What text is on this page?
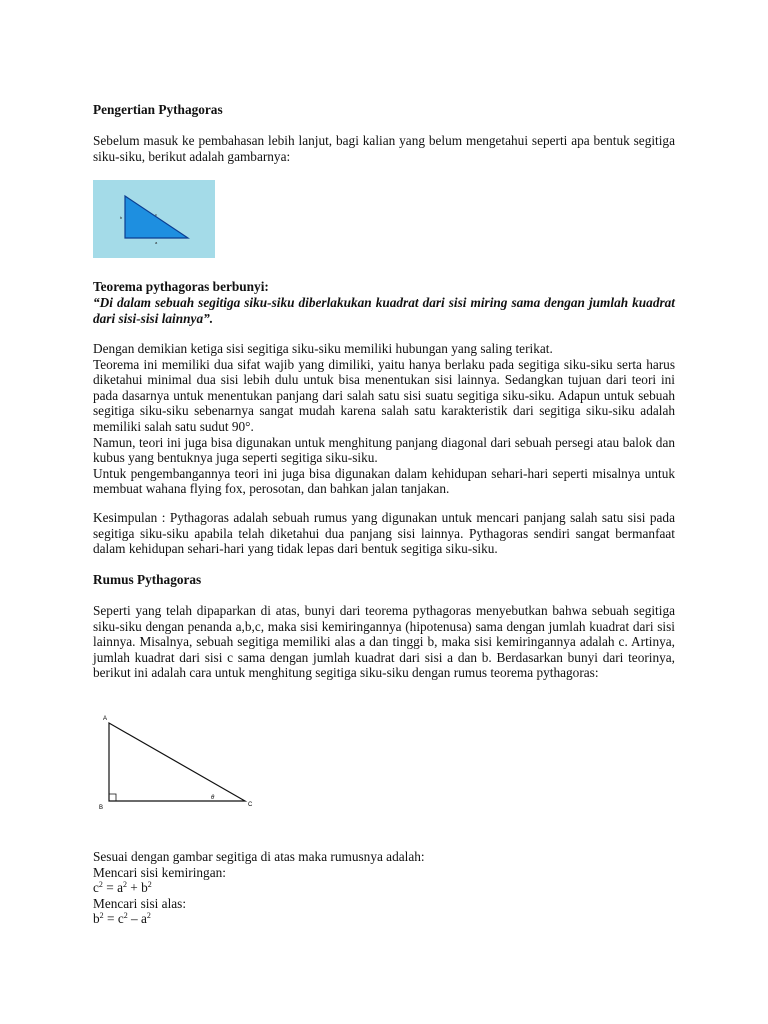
Pengertian Pythagoras

Sebelum masuk ke pembahasan lebih lanjut, bagi kalian yang belum mengetahui seperti apa bentuk segitiga siku-siku, berikut adalah gambarnya:

b
c
a
Teorema pythagoras berbunyi:

“Di dalam sebuah segitiga siku-siku diberlakukan kuadrat dari sisi miring sama dengan jumlah kuadrat dari sisi-sisi lainnya”.

Dengan demikian ketiga sisi segitiga siku-siku memiliki hubungan yang saling terikat.
Teorema ini memiliki dua sifat wajib yang dimiliki, yaitu hanya berlaku pada segitiga siku-siku serta harus diketahui minimal dua sisi lebih dulu untuk bisa menentukan sisi lainnya. Sedangkan tujuan dari teori ini pada dasarnya untuk menentukan panjang dari salah satu sisi suatu segitiga siku-siku. Adapun untuk sebuah segitiga siku-siku sebenarnya sangat mudah karena salah satu karakteristik dari segitiga siku-siku adalah memiliki salah satu sudut 90°.
Namun, teori ini juga bisa digunakan untuk menghitung panjang diagonal dari sebuah persegi atau balok dan kubus yang bentuknya juga seperti segitiga siku-siku.
Untuk pengembangannya teori ini juga bisa digunakan dalam kehidupan sehari-hari seperti misalnya untuk membuat wahana flying fox, perosotan, dan bahkan jalan tanjakan.

Kesimpulan : Pythagoras adalah sebuah rumus yang digunakan untuk mencari panjang salah satu sisi pada segitiga siku-siku apabila telah diketahui dua panjang sisi lainnya. Pythagoras sendiri sangat bermanfaat dalam kehidupan sehari-hari yang tidak lepas dari bentuk segitiga siku-siku.

Rumus Pythagoras

Seperti yang telah dipaparkan di atas, bunyi dari teorema pythagoras menyebutkan bahwa sebuah segitiga siku-siku dengan penanda a,b,c, maka sisi kemiringannya (hipotenusa) sama dengan jumlah kuadrat dari sisi lainnya. Misalnya, sebuah segitiga memiliki alas a dan tinggi b, maka sisi kemiringannya adalah c. Artinya, jumlah kuadrat dari sisi c sama dengan jumlah kuadrat dari sisi a dan b. Berdasarkan bunyi dari teorinya, berikut ini adalah cara untuk menghitung segitiga siku-siku dengan rumus teorema pythagoras:

A
B	C
θ
Sesuai dengan gambar segitiga di atas maka rumusnya adalah:
Mencari sisi kemiringan:
$c^2 = a^2 + b^2$
Mencari sisi alas:
$b^2 = c^2 - a^2$
